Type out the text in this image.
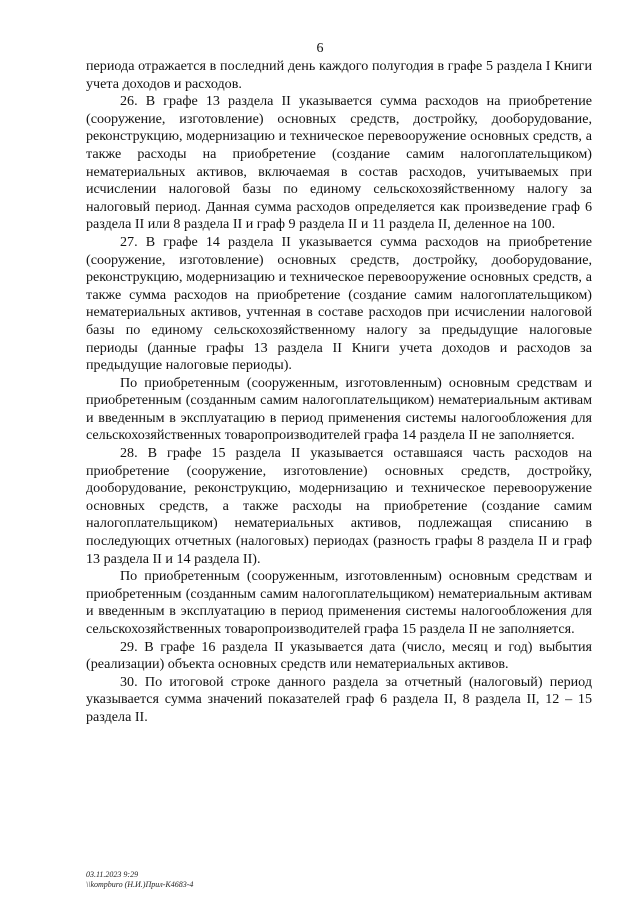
6

периода отражается в последний день каждого полугодия в графе 5 раздела I Книги учета доходов и расходов.

26. В графе 13 раздела II указывается сумма расходов на приобретение (сооружение, изготовление) основных средств, достройку, дооборудование, реконструкцию, модернизацию и техническое перевооружение основных средств, а также расходы на приобретение (создание самим налогоплательщиком) нематериальных активов, включаемая в состав расходов, учитываемых при исчислении налоговой базы по единому сельскохозяйственному налогу за налоговый период. Данная сумма расходов определяется как произведение граф 6 раздела II или 8 раздела II и граф 9 раздела II и 11 раздела II, деленное на 100.

27. В графе 14 раздела II указывается сумма расходов на приобретение (сооружение, изготовление) основных средств, достройку, дооборудование, реконструкцию, модернизацию и техническое перевооружение основных средств, а также сумма расходов на приобретение (создание самим налогоплательщиком) нематериальных активов, учтенная в составе расходов при исчислении налоговой базы по единому сельскохозяйственному налогу за предыдущие налоговые периоды (данные графы 13 раздела II Книги учета доходов и расходов за предыдущие налоговые периоды).

По приобретенным (сооруженным, изготовленным) основным средствам и приобретенным (созданным самим налогоплательщиком) нематериальным активам и введенным в эксплуатацию в период применения системы налогообложения для сельскохозяйственных товаропроизводителей графа 14 раздела II не заполняется.

28. В графе 15 раздела II указывается оставшаяся часть расходов на приобретение (сооружение, изготовление) основных средств, достройку, дооборудование, реконструкцию, модернизацию и техническое перевооружение основных средств, а также расходы на приобретение (создание самим налогоплательщиком) нематериальных активов, подлежащая списанию в последующих отчетных (налоговых) периодах (разность графы 8 раздела II и граф 13 раздела II и 14 раздела II).

По приобретенным (сооруженным, изготовленным) основным средствам и приобретенным (созданным самим налогоплательщиком) нематериальным активам и введенным в эксплуатацию в период применения системы налогообложения для сельскохозяйственных товаропроизводителей графа 15 раздела II не заполняется.

29. В графе 16 раздела II указывается дата (число, месяц и год) выбытия (реализации) объекта основных средств или нематериальных активов.

30. По итоговой строке данного раздела за отчетный (налоговый) период указывается сумма значений показателей граф 6 раздела II, 8 раздела II, 12 – 15 раздела II.

03.11.2023 9:29
\\kompburo (Н.И.)Прил-К4683-4
